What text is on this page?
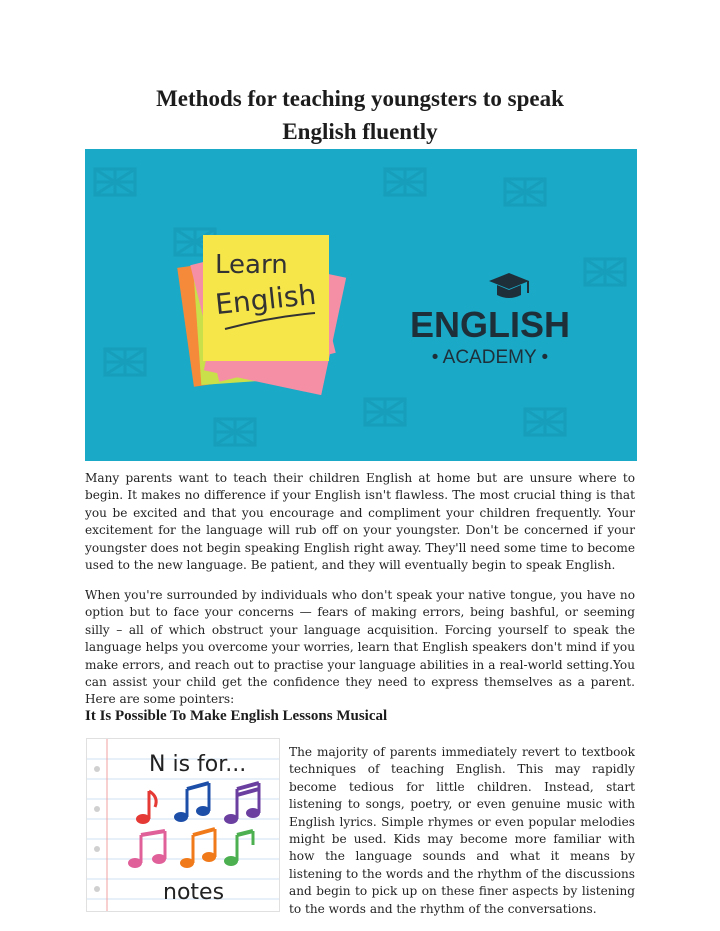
Methods for teaching youngsters to speak
English fluently
Learn
English
ENGLISH
• ACADEMY •

Many parents want to teach their children English at home but are unsure where to begin. It makes no difference if your English isn't flawless. The most crucial thing is that you be excited and that you encourage and compliment your children frequently. Your excitement for the language will rub off on your youngster. Don't be concerned if your youngster does not begin speaking English right away. They'll need some time to become used to the new language. Be patient, and they will eventually begin to speak English.

When you're surrounded by individuals who don't speak your native tongue, you have no option but to face your concerns — fears of making errors, being bashful, or seeming silly – all of which obstruct your language acquisition. Forcing yourself to speak the language helps you overcome your worries, learn that English speakers don't mind if you make errors, and reach out to practise your language abilities in a real-world setting.You can assist your child get the confidence they need to express themselves as a parent. Here are some pointers:

It Is Possible To Make English Lessons Musical
N is for...
notes

The majority of parents immediately revert to textbook techniques of teaching English. This may rapidly become tedious for little children. Instead, start listening to songs, poetry, or even genuine music with English lyrics. Simple rhymes or even popular melodies might be used. Kids may become more familiar with how the language sounds and what it means by listening to the words and the rhythm of the discussions and begin to pick up on these finer aspects by listening to the words and the rhythm of the conversations.
